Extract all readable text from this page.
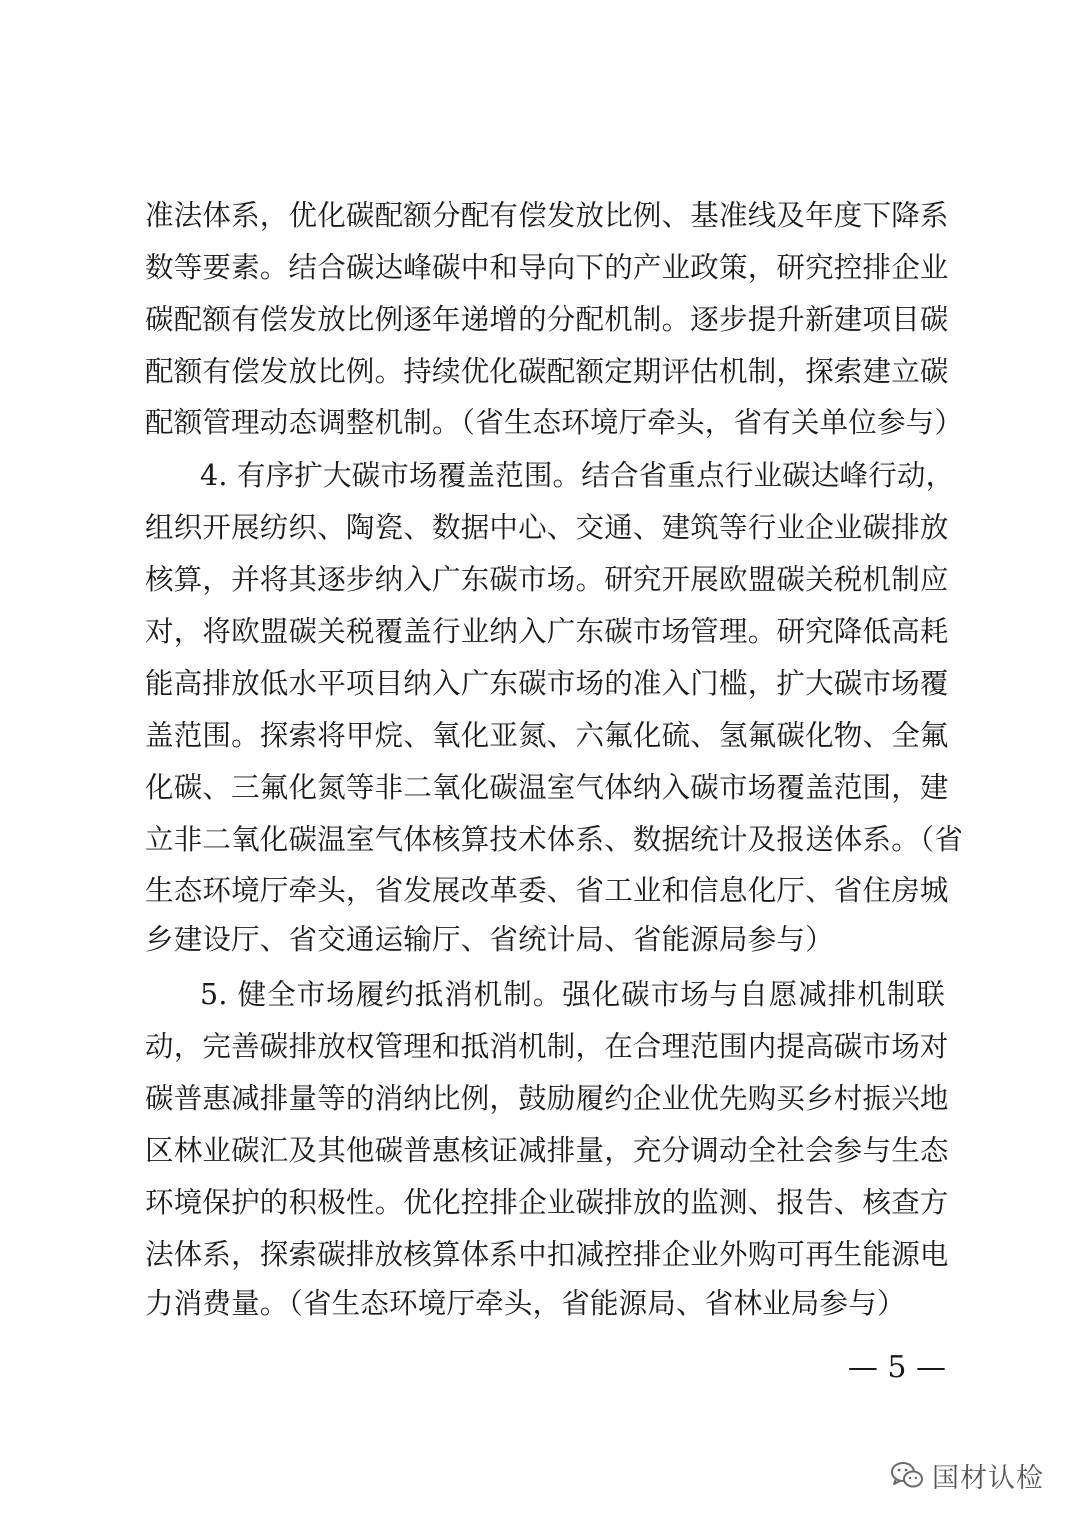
准法体系，优化碳配额分配有偿发放比例、基准线及年度下降系
数等要素。结合碳达峰碳中和导向下的产业政策，研究控排企业
碳配额有偿发放比例逐年递增的分配机制。逐步提升新建项目碳
配额有偿发放比例。持续优化碳配额定期评估机制，探索建立碳
配额管理动态调整机制。（省生态环境厅牵头，省有关单位参与）
4. 有序扩大碳市场覆盖范围。结合省重点行业碳达峰行动，
组织开展纺织、陶瓷、数据中心、交通、建筑等行业企业碳排放
核算，并将其逐步纳入广东碳市场。研究开展欧盟碳关税机制应
对，将欧盟碳关税覆盖行业纳入广东碳市场管理。研究降低高耗
能高排放低水平项目纳入广东碳市场的准入门槛，扩大碳市场覆
盖范围。探索将甲烷、氧化亚氮、六氟化硫、氢氟碳化物、全氟
化碳、三氟化氮等非二氧化碳温室气体纳入碳市场覆盖范围，建
立非二氧化碳温室气体核算技术体系、数据统计及报送体系。（省
生态环境厅牵头，省发展改革委、省工业和信息化厅、省住房城
乡建设厅、省交通运输厅、省统计局、省能源局参与）
5. 健全市场履约抵消机制。强化碳市场与自愿减排机制联
动，完善碳排放权管理和抵消机制，在合理范围内提高碳市场对
碳普惠减排量等的消纳比例，鼓励履约企业优先购买乡村振兴地
区林业碳汇及其他碳普惠核证减排量，充分调动全社会参与生态
环境保护的积极性。优化控排企业碳排放的监测、报告、核查方
法体系，探索碳排放核算体系中扣减控排企业外购可再生能源电
力消费量。（省生态环境厅牵头，省能源局、省林业局参与）
— 5 —
国材认检
